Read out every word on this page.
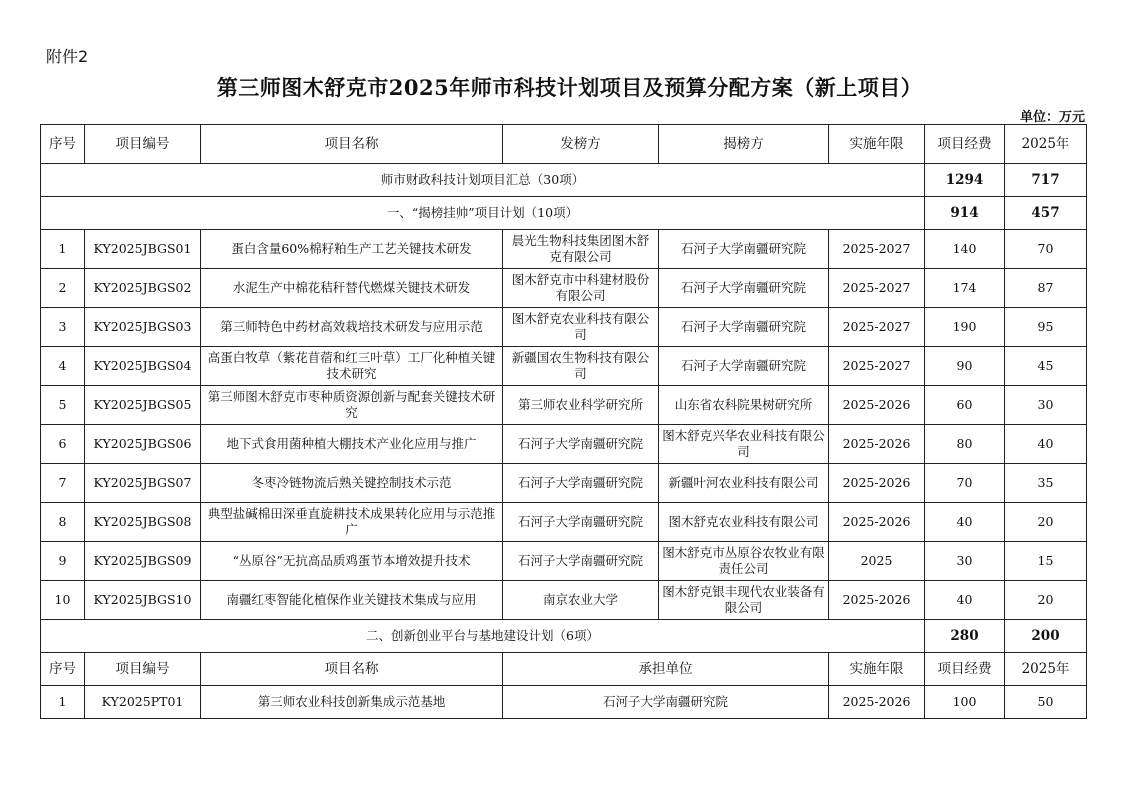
附件2
第三师图木舒克市2025年师市科技计划项目及预算分配方案（新上项目）
单位：万元
序号	项目编号	项目名称	发榜方	揭榜方	实施年限	项目经费	2025年
师市财政科技计划项目汇总（30项）						1294	717
一、“揭榜挂帅”项目计划（10项）						914	457
1	KY2025JBGS01	蛋白含量60%棉籽粕生产工艺关键技术研发	晨光生物科技集团图木舒克有限公司	石河子大学南疆研究院	2025-2027	140	70
2	KY2025JBGS02	水泥生产中棉花秸秆替代燃煤关键技术研发	图木舒克市中科建材股份有限公司	石河子大学南疆研究院	2025-2027	174	87
3	KY2025JBGS03	第三师特色中药材高效栽培技术研发与应用示范	图木舒克农业科技有限公司	石河子大学南疆研究院	2025-2027	190	95
4	KY2025JBGS04	高蛋白牧草（紫花苜蓿和红三叶草）工厂化种植关键技术研究	新疆国农生物科技有限公司	石河子大学南疆研究院	2025-2027	90	45
5	KY2025JBGS05	第三师图木舒克市枣种质资源创新与配套关键技术研究	第三师农业科学研究所	山东省农科院果树研究所	2025-2026	60	30
6	KY2025JBGS06	地下式食用菌种植大棚技术产业化应用与推广	石河子大学南疆研究院	图木舒克兴华农业科技有限公司	2025-2026	80	40
7	KY2025JBGS07	冬枣冷链物流后熟关键控制技术示范	石河子大学南疆研究院	新疆叶河农业科技有限公司	2025-2026	70	35
8	KY2025JBGS08	典型盐碱棉田深垂直旋耕技术成果转化应用与示范推广	石河子大学南疆研究院	图木舒克农业科技有限公司	2025-2026	40	20
9	KY2025JBGS09	“丛原谷”无抗高品质鸡蛋节本增效提升技术	石河子大学南疆研究院	图木舒克市丛原谷农牧业有限责任公司	2025	30	15
10	KY2025JBGS10	南疆红枣智能化植保作业关键技术集成与应用	南京农业大学	图木舒克银丰现代农业装备有限公司	2025-2026	40	20
二、创新创业平台与基地建设计划（6项）						280	200
序号	项目编号	项目名称	承担单位		实施年限	项目经费	2025年
1	KY2025PT01	第三师农业科技创新集成示范基地	石河子大学南疆研究院		2025-2026	100	50
